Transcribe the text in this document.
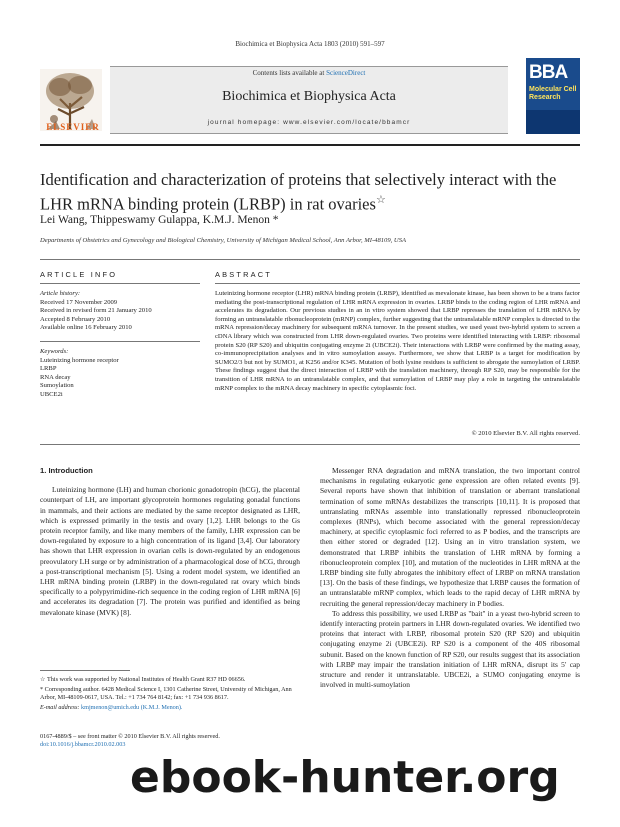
Biochimica et Biophysica Acta 1803 (2010) 591–597
ELSEVIER
Contents lists available at ScienceDirect
Biochimica et Biophysica Acta
journal homepage: www.elsevier.com/locate/bbamcr
BBA
Molecular Cell Research
Identification and characterization of proteins that selectively interact with the LHR mRNA binding protein (LRBP) in rat ovaries☆
Lei Wang, Thippeswamy Gulappa, K.M.J. Menon *
Departments of Obstetrics and Gynecology and Biological Chemistry, University of Michigan Medical School, Ann Arbor, MI-48109, USA
ARTICLE INFO	ABSTRACT
Article history:
Received 17 November 2009
Received in revised form 21 January 2010
Accepted 8 February 2010
Available online 16 February 2010
Keywords:
Luteinizing hormone receptor
LRBP
RNA decay
Sumoylation
UBCE2i
Luteinizing hormone receptor (LHR) mRNA binding protein (LRBP), identified as mevalonate kinase, has been shown to be a trans factor mediating the post-transcriptional regulation of LHR mRNA expression in ovaries. LRBP binds to the coding region of LHR mRNA and accelerates its degradation. Our previous studies in an in vitro system showed that LRBP represses the translation of LHR mRNA by forming an untranslatable ribonucleoprotein (mRNP) complex, further suggesting that the untranslatable mRNP complex is directed to the mRNA repression/decay machinery for subsequent mRNA turnover. In the present studies, we used yeast two-hybrid system to screen a cDNA library which was constructed from LHR down-regulated ovaries. Two proteins were identified interacting with LRBP: ribosomal protein S20 (RP S20) and ubiquitin conjugating enzyme 2i (UBCE2i). Their interactions with LRBP were confirmed by the mating assay, co-immunoprecipitation analyses and in vitro sumoylation assays. Furthermore, we show that LRBP is a target for modification by SUMO2/3 but not by SUMO1, at K256 and/or K345. Mutation of both lysine residues is sufficient to abrogate the sumoylation of LRBP. These findings suggest that the direct interaction of LRBP with the translation machinery, through RP S20, may be responsible for the transition of LHR mRNA to an untranslatable complex, and that sumoylation of LRBP may play a role in targeting the untranslatable mRNP complex to the mRNA decay machinery in specific cytoplasmic foci.
© 2010 Elsevier B.V. All rights reserved.
1. Introduction

Luteinizing hormone (LH) and human chorionic gonadotropin (hCG), the placental counterpart of LH, are important glycoprotein hormones regulating gonadal functions in mammals, and their actions are mediated by the same receptor designated as LHR, which is expressed primarily in the testis and ovary [1,2]. LHR belongs to the Gs protein receptor family, and like many members of the family, LHR expression can be down-regulated by exposure to a high concentration of its ligand [3,4]. Our laboratory has shown that LHR expression in ovarian cells is down-regulated by an endogenous preovulatory LH surge or by administration of a pharmacological dose of hCG, through a post-transcriptional mechanism [5]. Using a rodent model system, we identified an LHR mRNA binding protein (LRBP) in the down-regulated rat ovary which binds specifically to a polypyrimidine-rich sequence in the coding region of LHR mRNA [6] and accelerates its degradation [7]. The protein was purified and identified as being mevalonate kinase (MVK) [8].

Messenger RNA degradation and mRNA translation, the two important control mechanisms in regulating eukaryotic gene expression are often related events [9]. Several reports have shown that inhibition of translation or aberrant translational termination of some mRNAs destabilizes the transcripts [10,11]. It is proposed that untranslating mRNAs assemble into translationally repressed ribonucleoprotein complexes (RNPs), which become associated with the general repression/decay machinery, at specific cytoplasmic foci referred to as P bodies, and the transcripts are then either stored or degraded [12]. Using an in vitro translation system, we demonstrated that LRBP inhibits the translation of LHR mRNA by forming a ribonucleoprotein complex [10], and mutation of the nucleotides in LHR mRNA at the LRBP binding site fully abrogates the inhibitory effect of LRBP on mRNA translation [13]. On the basis of these findings, we hypothesize that LRBP causes the formation of an untranslatable mRNP complex, which leads to the rapid decay of LHR mRNA by recruiting the general repression/decay machinery in P bodies.

To address this possibility, we used LRBP as "bait" in a yeast two-hybrid screen to identify interacting protein partners in LHR down-regulated ovaries. We identified two proteins that interact with LRBP, ribosomal protein S20 (RP S20) and ubiquitin conjugating enzyme 2i (UBCE2i). RP S20 is a component of the 40S ribosomal subunit. Based on the known function of RP S20, our results suggest that its association with LRBP may impair the translation initiation of LHR mRNA, disrupt its 5′ cap structure and render it untranslatable. UBCE2i, a SUMO conjugating enzyme is involved in multi-sumoylation

☆ This work was supported by National Institutes of Health Grant R37 HD 06656.
* Corresponding author. 6428 Medical Science I, 1301 Catherine Street, University of Michigan, Ann Arbor, MI-48109-0617, USA. Tel.: +1 734 764 8142; fax: +1 734 936 8617.
E-mail address: kmjmenon@umich.edu (K.M.J. Menon).
0167-4889/$ – see front matter © 2010 Elsevier B.V. All rights reserved.
doi:10.1016/j.bbamcr.2010.02.003
ebook-hunter.org
